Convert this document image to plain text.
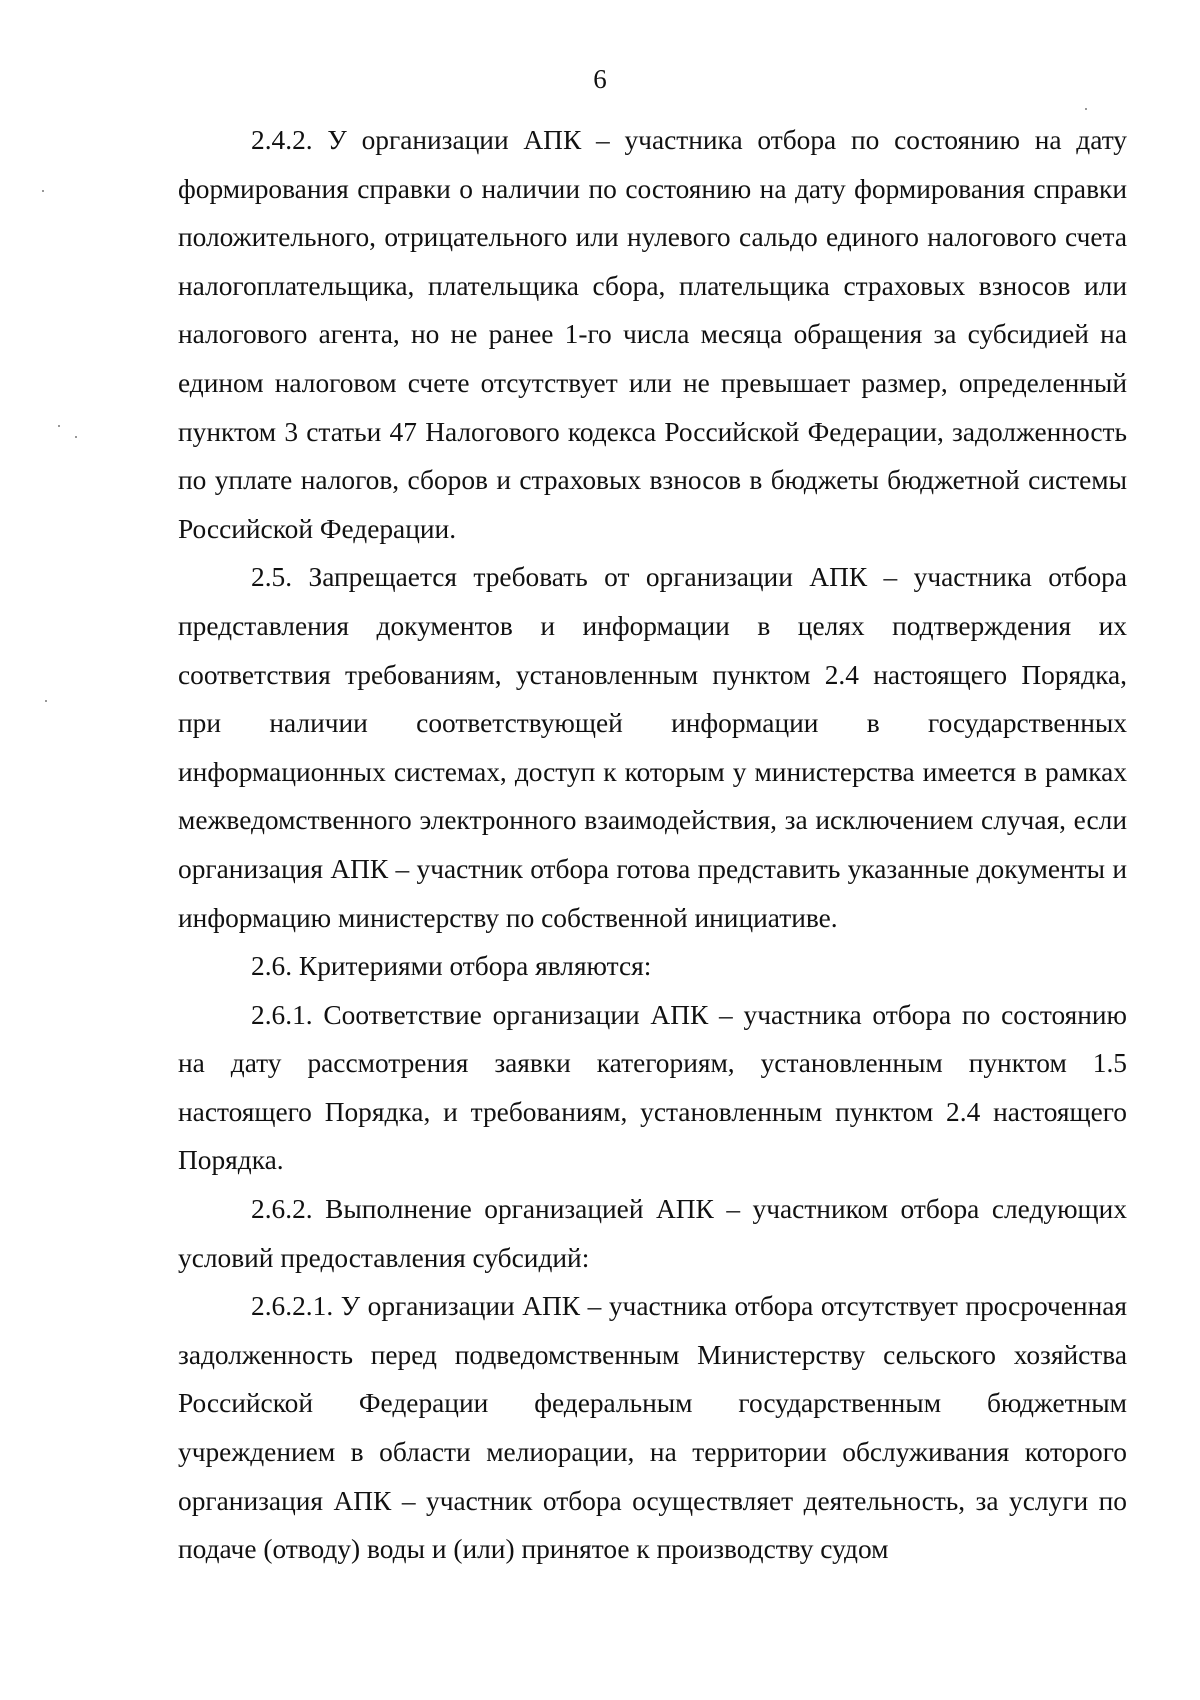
6

2.4.2. У организации АПК – участника отбора по состоянию на дату формирования справки о наличии по состоянию на дату формирования справки положительного, отрицательного или нулевого сальдо единого налогового счета налогоплательщика, плательщика сбора, плательщика страховых взносов или налогового агента, но не ранее 1-го числа месяца обращения за субсидией на едином налоговом счете отсутствует или не превышает размер, определенный пунктом 3 статьи 47 Налогового кодекса Российской Федерации, задолженность по уплате налогов, сборов и страховых взносов в бюджеты бюджетной системы Российской Федерации.

2.5. Запрещается требовать от организации АПК – участника отбора представления документов и информации в целях подтверждения их соответствия требованиям, установленным пунктом 2.4 настоящего Порядка, при наличии соответствующей информации в государственных информационных системах, доступ к которым у министерства имеется в рамках межведомственного электронного взаимодействия, за исключением случая, если организация АПК – участник отбора готова представить указанные документы и информацию министерству по собственной инициативе.

2.6. Критериями отбора являются:

2.6.1. Соответствие организации АПК – участника отбора по состоянию на дату рассмотрения заявки категориям, установленным пунктом 1.5 настоящего Порядка, и требованиям, установленным пунктом 2.4 настоящего Порядка.

2.6.2. Выполнение организацией АПК – участником отбора следующих условий предоставления субсидий:

2.6.2.1. У организации АПК – участника отбора отсутствует просроченная задолженность перед подведомственным Министерству сельского хозяйства Российской Федерации федеральным государственным бюджетным учреждением в области мелиорации, на территории обслуживания которого организация АПК – участник отбора осуществляет деятельность, за услуги по подаче (отводу) воды и (или) принятое к производству судом
